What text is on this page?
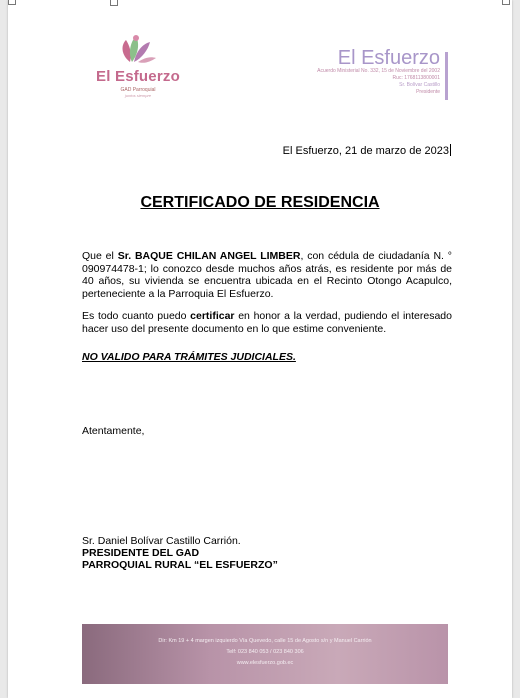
El Esfuerzo
GAD Parroquial
juntos siempre
El Esfuerzo
Acuerdo Ministerial No. 332, 15 de Noviembre del 2002
Ruc: 1768113800001
Sr. Bolívar Castillo
Presidente
El Esfuerzo, 21 de marzo de 2023
CERTIFICADO DE RESIDENCIA
Que el Sr. BAQUE CHILAN ANGEL LIMBER, con cédula de ciudadanía N. ° 090974478-1; lo conozco desde muchos años atrás, es residente por más de 40 años, su vivienda se encuentra ubicada en el Recinto Otongo Acapulco, perteneciente a la Parroquia El Esfuerzo.
Es todo cuanto puedo certificar en honor a la verdad, pudiendo el interesado hacer uso del presente documento en lo que estime conveniente.
NO VALIDO PARA TRÁMITES JUDICIALES.
Atentamente,
Sr. Daniel Bolívar Castillo Carrión.
PRESIDENTE DEL GAD
PARROQUIAL RURAL “EL ESFUERZO”
Dir: Km 19 + 4 margen izquierdo Vía Quevedo, calle 15 de Agosto s/n y Manuel Carrión
Telf: 023 840 053 / 023 840 306
www.elesfuerzo.gob.ec
